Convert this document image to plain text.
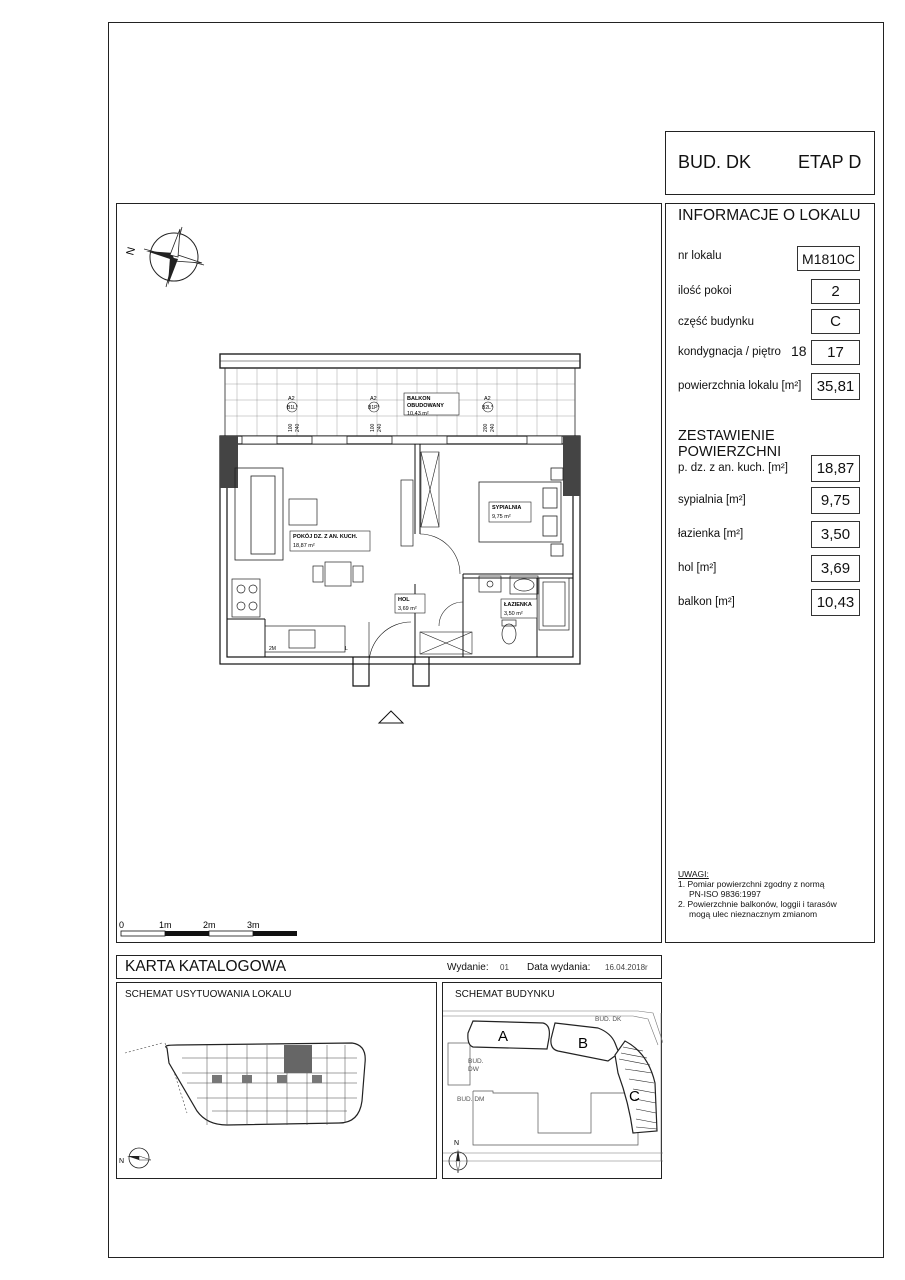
BUD. DK	ETAP D
N
A2
B1L°
100 240
A2
B1P°
100 240
A2
B2L°
200 240
BALKON
OBUDOWANY
10,43 m²
2M	L
POKÓJ DZ. Z AN. KUCH.
18,87 m²
SYPIALNIA
9,75 m²
HOL
3,69 m²
ŁAZIENKA
3,50 m²
0	1m	2m	3m
INFORMACJE O LOKALU
nr lokalu	M1810C
ilość pokoi	2
część budynku	C
kondygnacja / piętro 18	17
powierzchnia lokalu [m²]	35,81
ZESTAWIENIE POWIERZCHNI
p. dz. z an. kuch. [m²]	18,87
sypialnia [m²]	9,75
łazienka [m²]	3,50
hol [m²]	3,69
balkon [m²]	10,43
UWAGI:
1. Pomiar powierzchni zgodny z normą
PN-ISO 9836:1997
2. Powierzchnie balkonów, loggii i tarasów
mogą ulec nieznacznym zmianom
KARTA KATALOGOWA	Wydanie: 01 Data wydania: 16.04.2018r
SCHEMAT USYTUOWANIA LOKALU
N
SCHEMAT BUDYNKU
A	B
C
BUD. DK
BUD.
DW
BUD. DM
N
